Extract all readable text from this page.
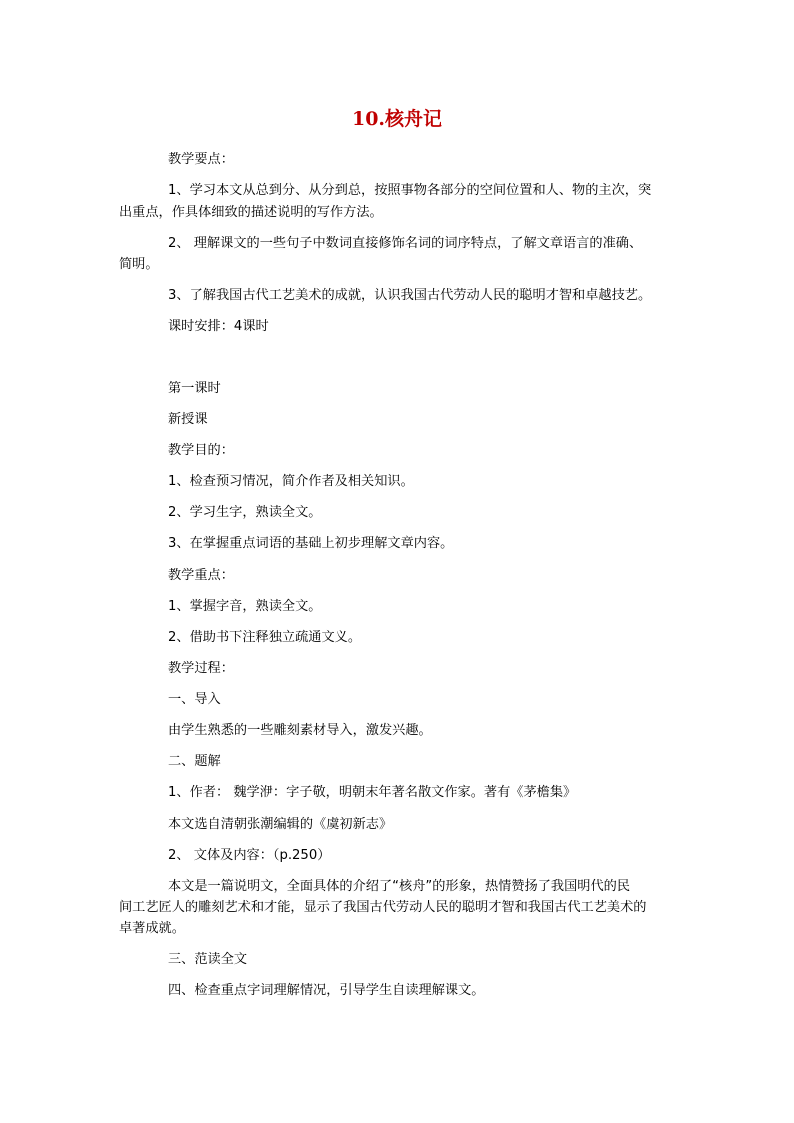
10.核舟记
教学要点：
1、学习本文从总到分、从分到总，按照事物各部分的空间位置和人、物的主次，突
出重点，作具体细致的描述说明的写作方法。
2、 理解课文的一些句子中数词直接修饰名词的词序特点，了解文章语言的准确、
简明。
3、了解我国古代工艺美术的成就，认识我国古代劳动人民的聪明才智和卓越技艺。
课时安排：4课时
第一课时
新授课
教学目的：
1、检查预习情况，简介作者及相关知识。
2、学习生字，熟读全文。
3、在掌握重点词语的基础上初步理解文章内容。
教学重点：
1、掌握字音，熟读全文。
2、借助书下注释独立疏通文义。
教学过程：
一、导入
由学生熟悉的一些雕刻素材导入，激发兴趣。
二、题解
1、作者： 魏学洢：字子敬，明朝末年著名散文作家。著有《茅檐集》
本文选自清朝张潮编辑的《虞初新志》
2、 文体及内容：（p.250）
本文是一篇说明文，全面具体的介绍了“核舟”的形象，热情赞扬了我国明代的民
间工艺匠人的雕刻艺术和才能，显示了我国古代劳动人民的聪明才智和我国古代工艺美术的
卓著成就。
三、范读全文
四、检查重点字词理解情况，引导学生自读理解课文。
